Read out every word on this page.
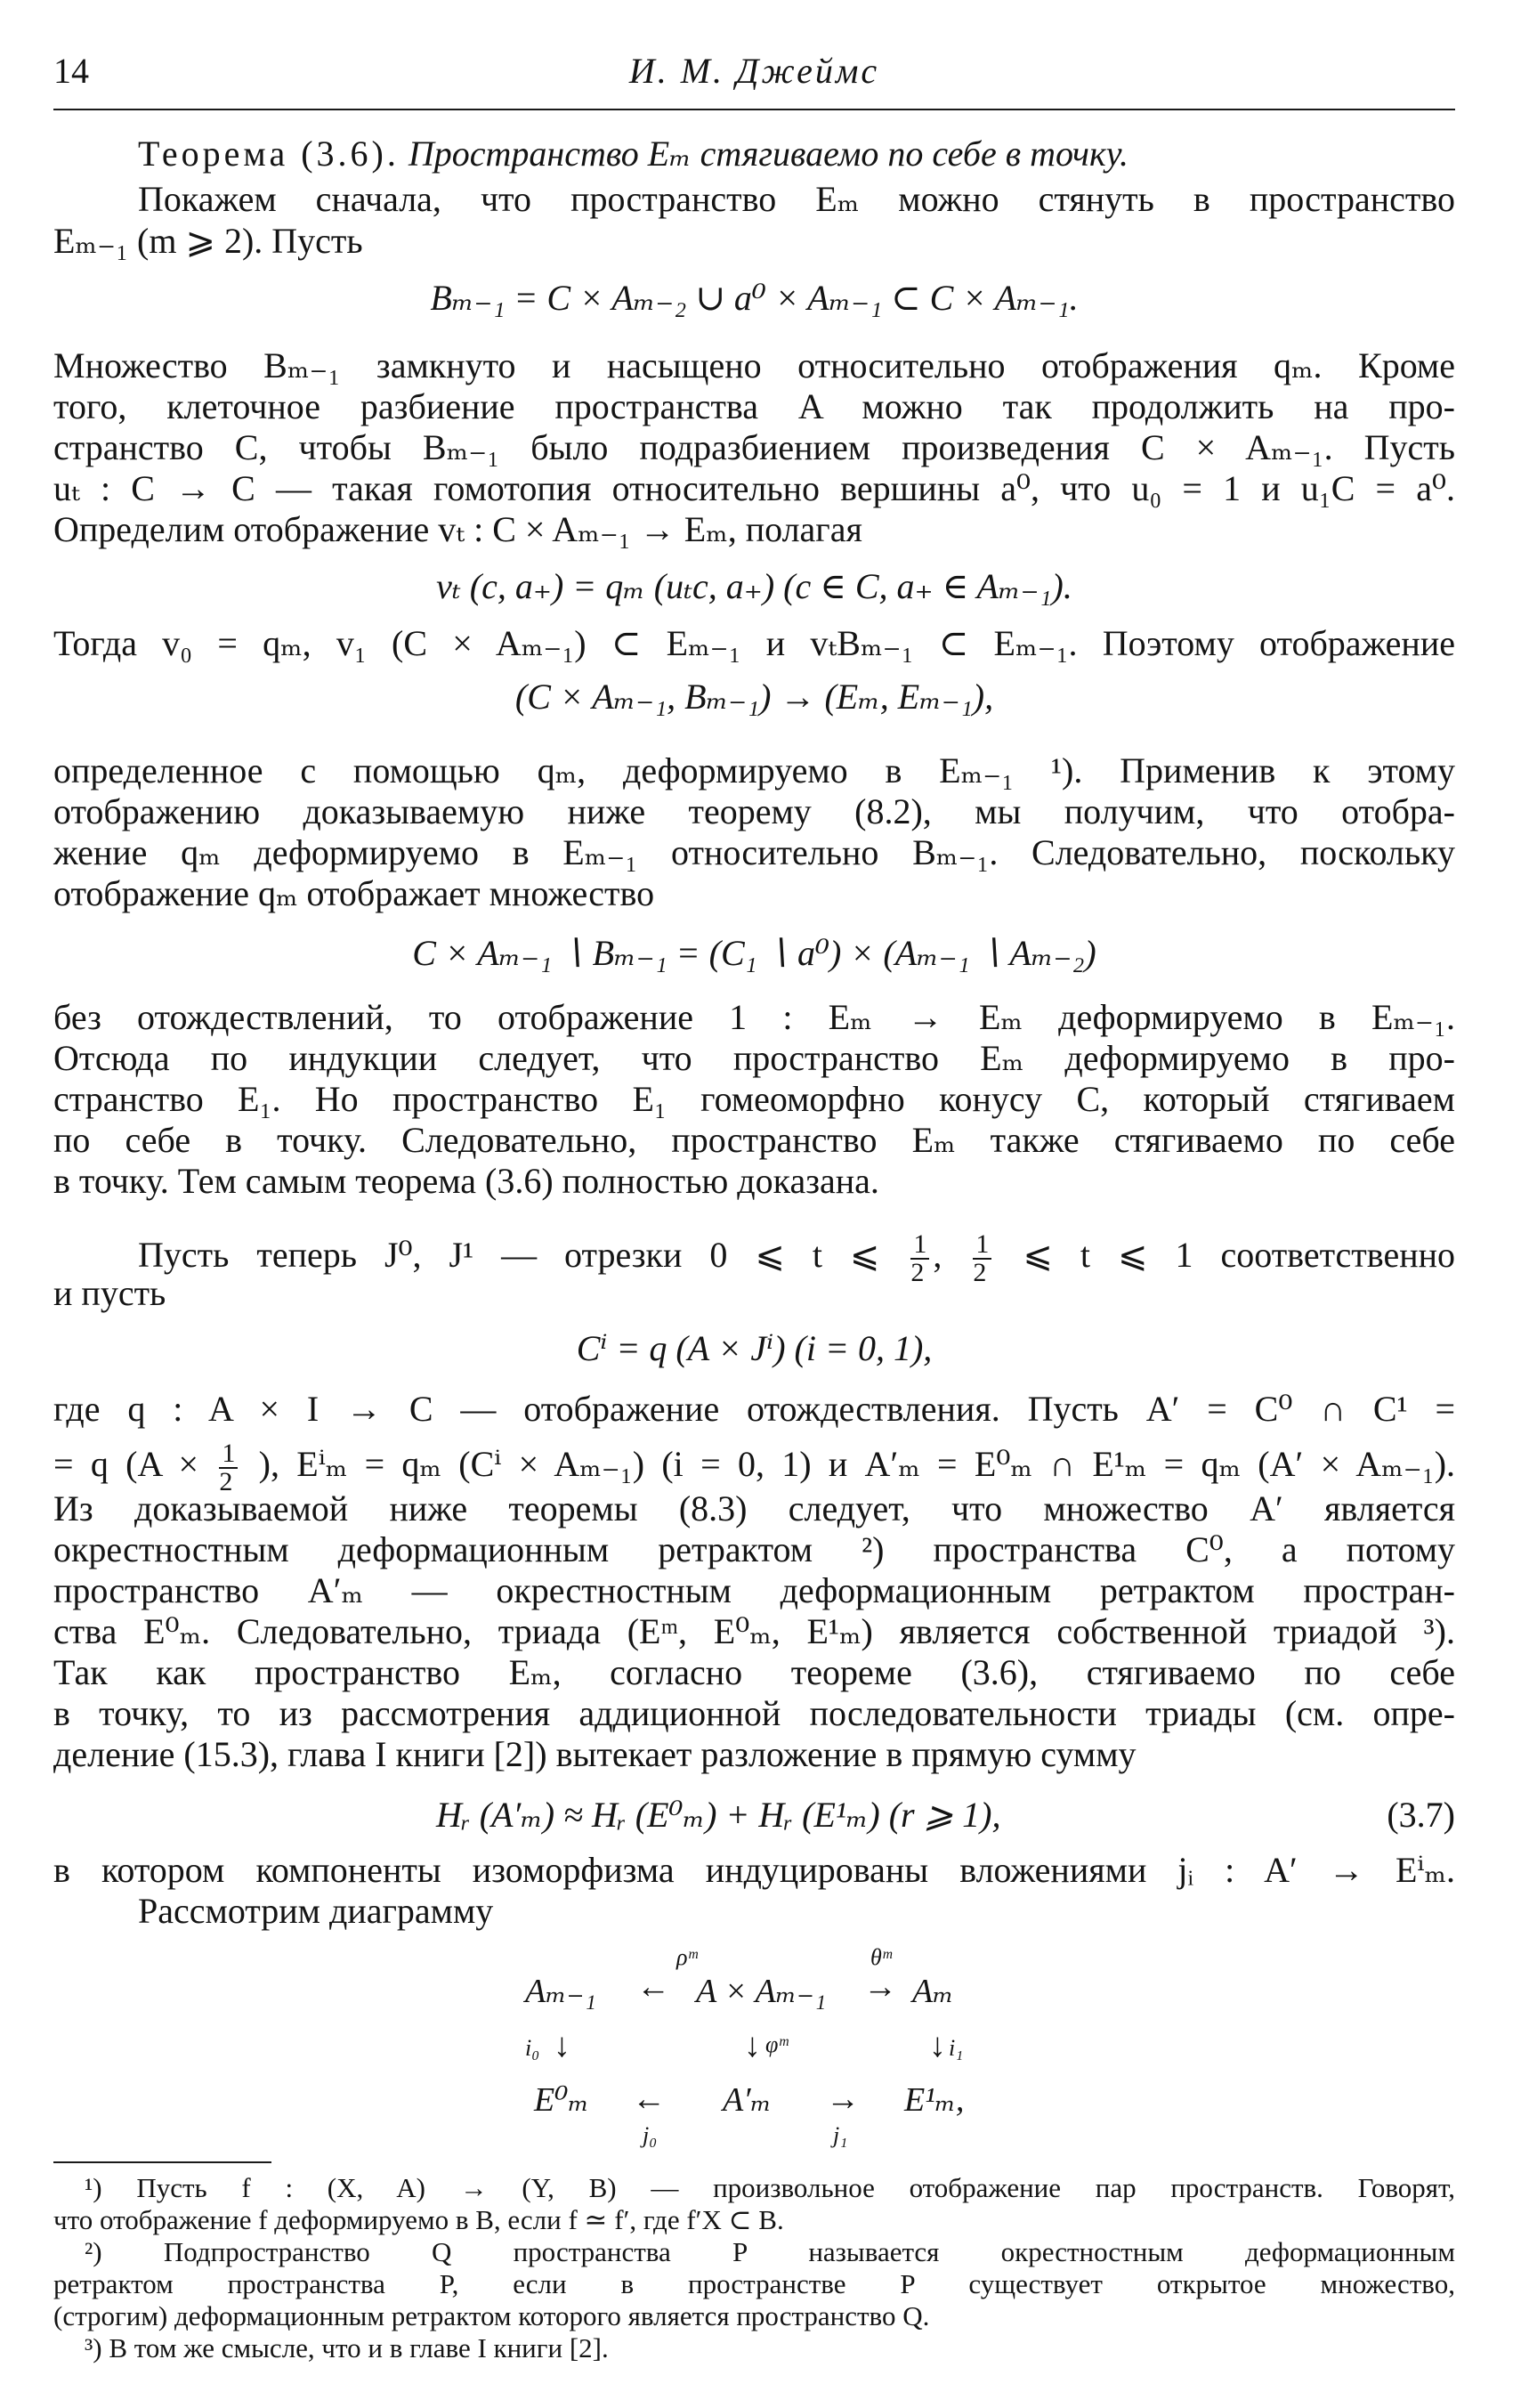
14	И. М. Джеймс
Теорема (3.6). Пространство Eₘ стягиваемо по себе в точку.
Покажем сначала, что пространство Eₘ можно стянуть в пространство
Eₘ₋₁ (m ⩾ 2). Пусть
Bₘ₋₁ = C × Aₘ₋₂ ∪ a⁰ × Aₘ₋₁ ⊂ C × Aₘ₋₁.
Множество Bₘ₋₁ замкнуто и насыщено относительно отображения qₘ. Кроме
того, клеточное разбиение пространства A можно так продолжить на про-
странство C, чтобы Bₘ₋₁ было подразбиением произведения C × Aₘ₋₁. Пусть
uₜ : C → C — такая гомотопия относительно вершины a⁰, что u₀ = 1 и u₁C = a⁰.
Определим отображение vₜ : C × Aₘ₋₁ → Eₘ, полагая
vₜ (c, a₊) = qₘ (uₜc, a₊) (c ∈ C, a₊ ∈ Aₘ₋₁).
Тогда v₀ = qₘ, v₁ (C × Aₘ₋₁) ⊂ Eₘ₋₁ и vₜBₘ₋₁ ⊂ Eₘ₋₁. Поэтому отображение
(C × Aₘ₋₁, Bₘ₋₁) → (Eₘ, Eₘ₋₁),
определенное с помощью qₘ, деформируемо в Eₘ₋₁ ¹). Применив к этому
отображению доказываемую ниже теорему (8.2), мы получим, что отобра-
жение qₘ деформируемо в Eₘ₋₁ относительно Bₘ₋₁. Следовательно, поскольку
отображение qₘ отображает множество
C × Aₘ₋₁ ∖ Bₘ₋₁ = (C₁ ∖ a⁰) × (Aₘ₋₁ ∖ Aₘ₋₂)
без отождествлений, то отображение 1 : Eₘ → Eₘ деформируемо в Eₘ₋₁.
Отсюда по индукции следует, что пространство Eₘ деформируемо в про-
странство E₁. Но пространство E₁ гомеоморфно конусу C, который стягиваем
по себе в точку. Следовательно, пространство Eₘ также стягиваемо по себе
в точку. Тем самым теорема (3.6) полностью доказана.
Пусть теперь J⁰, J¹ — отрезки 0 ⩽ t ⩽ $\frac{1}{2}$ , $\frac{1}{2}$ ⩽ t ⩽ 1 соответственно
и пусть
Cⁱ = q (A × Jⁱ) (i = 0, 1),
где q : A × I → C — отображение отождествления. Пусть A′ = C⁰ ∩ C¹ =
= q ($A \times \frac{1}{2}$ ), Eⁱₘ = qₘ (Cⁱ × Aₘ₋₁) (i = 0, 1) и A′ₘ = E⁰ₘ ∩ E¹ₘ = qₘ (A′ × Aₘ₋₁).
Из доказываемой ниже теоремы (8.3) следует, что множество A′ является
окрестностным деформационным ретрактом ²) пространства C⁰, а потому
пространство A′ₘ — окрестностным деформационным ретрактом простран-
ства E⁰ₘ. Следовательно, триада (Eᵐ, E⁰ₘ, E¹ₘ) является собственной триадой ³).
Так как пространство Eₘ, согласно теореме (3.6), стягиваемо по себе
в точку, то из рассмотрения аддиционной последовательности триады (см. опре-
деление (15.3), глава I книги [2]) вытекает разложение в прямую сумму
Hᵣ (A′ₘ) ≈ Hᵣ (E⁰ₘ) + Hᵣ (E¹ₘ) (r ⩾ 1),	(3.7)
в котором компоненты изоморфизма индуцированы вложениями jᵢ : A′ → Eⁱₘ.
Рассмотрим диаграмму
ρᵐ	θᵐ
Aₘ₋₁ ← A × Aₘ₋₁ → Aₘ
i₀ ↓	↓ φᵐ	↓ i₁
E⁰ₘ ← A′ₘ → E¹ₘ,
j₀	j₁
¹) Пусть f : (X, A) → (Y, B) — произвольное отображение пар пространств. Говорят,
что отображение f деформируемо в B, если f ≃ f′, где f′X ⊂ B.
²) Подпространство Q пространства P называется окрестностным деформационным
ретрактом пространства P, если в пространстве P существует открытое множество,
(строгим) деформационным ретрактом которого является пространство Q.
³) В том же смысле, что и в главе I книги [2].
